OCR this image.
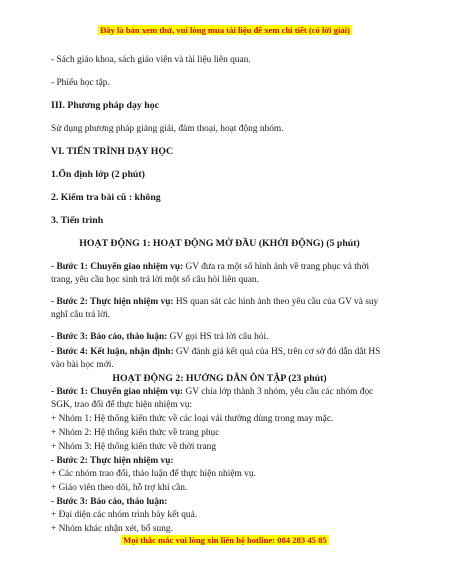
Đây là bản xem thử, vui lòng mua tài liệu để xem chi tiết (có lời giải)

- Sách giáo khoa, sách giáo viên và tài liệu liên quan.

- Phiếu học tập.

III. Phương pháp dạy học

Sử dụng phương pháp giảng giải, đàm thoại, hoạt động nhóm.

VI. TIẾN TRÌNH DẠY HỌC

1.Ổn định lớp (2 phút)

2. Kiểm tra bài cũ : không

3. Tiến trình

HOẠT ĐỘNG 1: HOẠT ĐỘNG MỞ ĐẦU (KHỞI ĐỘNG) (5 phút)

- Bước 1: Chuyển giao nhiệm vụ: GV đưa ra một số hình ảnh về trang phục và thời trang, yêu cầu học sinh trả lời một số câu hỏi liên quan.

- Bước 2: Thực hiện nhiệm vụ: HS quan sát các hình ảnh theo yêu cầu của GV và suy nghĩ câu trả lời.

- Bước 3: Báo cáo, thảo luận: GV gọi HS trả lời câu hỏi.

- Bước 4: Kết luận, nhận định: GV đánh giá kết quả của HS, trên cơ sở đó dẫn dắt HS vào bài học mới.

HOẠT ĐỘNG 2: HƯỚNG DẪN ÔN TẬP (23 phút)

- Bước 1: Chuyển giao nhiệm vụ: GV chia lớp thành 3 nhóm, yêu cầu các nhóm đọc SGK, trao đổi để thực hiện nhiệm vụ:

+ Nhóm 1: Hệ thống kiến thức về các loại vải thường dùng trong may mặc.

+ Nhóm 2: Hệ thống kiến thức về trang phục

+ Nhóm 3: Hệ thống kiến thức về thời trang

- Bước 2: Thực hiện nhiệm vụ:

+ Các nhóm trao đổi, thảo luận để thực hiện nhiệm vụ.

+ Giáo viên theo dõi, hỗ trợ khi cần.

- Bước 3: Báo cáo, thảo luận:

+ Đại diện các nhóm trình bày kết quả.

+ Nhóm khác nhận xét, bổ sung.

Mọi thắc mắc vui lòng xin liên hệ hotline: 084 283 45 85
